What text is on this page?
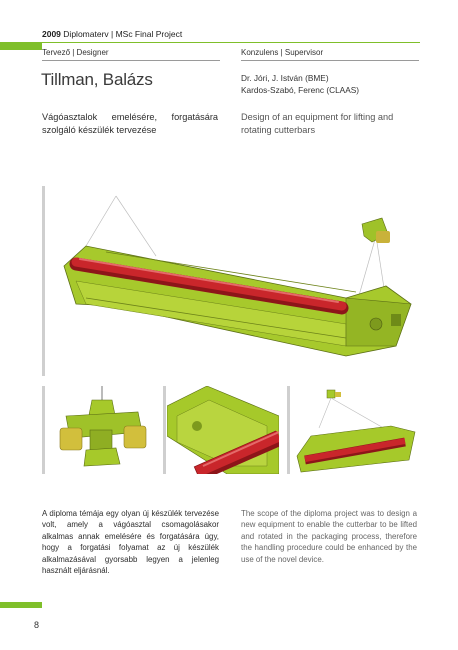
2009 Diplomaterv | MSc Final Project
Tervező | Designer	Konzulens | Supervisor
Tillman, Balázs	Dr. Jóri, J. István (BME)
Kardos-Szabó, Ferenc (CLAAS)
Vágóasztalok emelésére, forgatására szolgáló készülék tervezése
Design of an equipment for lifting and rotating cutterbars
A diploma témája egy olyan új készülék tervezése volt, amely a vágóasztal csomagolásakor alkalmas annak emelésére és forgatására úgy, hogy a forgatási folyamat az új készülék alkalmazásával gyorsabb legyen a jelenleg használt eljárásnál.
The scope of the diploma project was to design a new equipment to enable the cutterbar to be lifted and rotated in the packaging process, therefore the handling procedure could be enhanced by the use of the novel device.
8
